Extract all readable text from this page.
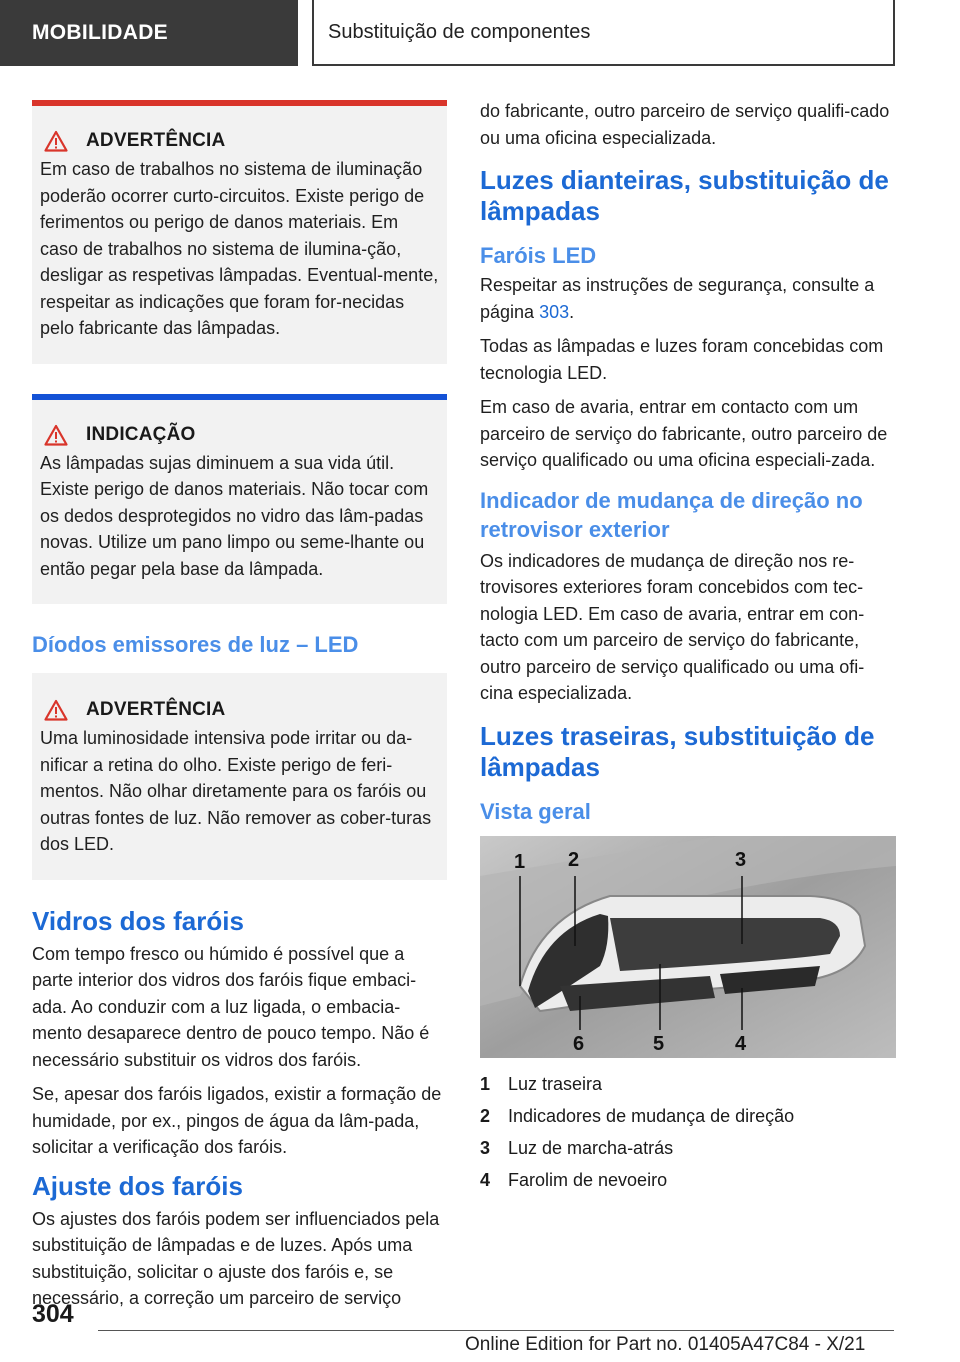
MOBILIDADE	Substituição de componentes
ADVERTÊNCIA
Em caso de trabalhos no sistema de iluminação poderão ocorrer curto-circuitos. Existe perigo de ferimentos ou perigo de danos materiais. Em caso de trabalhos no sistema de ilumina-ção, desligar as respetivas lâmpadas. Eventual-mente, respeitar as indicações que foram for-necidas pelo fabricante das lâmpadas.
INDICAÇÃO
As lâmpadas sujas diminuem a sua vida útil. Existe perigo de danos materiais. Não tocar com os dedos desprotegidos no vidro das lâm-padas novas. Utilize um pano limpo ou seme-lhante ou então pegar pela base da lâmpada.
Díodos emissores de luz – LED
ADVERTÊNCIA
Uma luminosidade intensiva pode irritar ou da-nificar a retina do olho. Existe perigo de feri-mentos. Não olhar diretamente para os faróis ou outras fontes de luz. Não remover as cober-turas dos LED.
Vidros dos faróis

Com tempo fresco ou húmido é possível que a parte interior dos vidros dos faróis fique embaci-ada. Ao conduzir com a luz ligada, o embacia-mento desaparece dentro de pouco tempo. Não é necessário substituir os vidros dos faróis.

Se, apesar dos faróis ligados, existir a formação de humidade, por ex., pingos de água da lâm-pada, solicitar a verificação dos faróis.

Ajuste dos faróis

Os ajustes dos faróis podem ser influenciados pela substituição de lâmpadas e de luzes. Após uma substituição, solicitar o ajuste dos faróis e, se necessário, a correção um parceiro de serviço

do fabricante, outro parceiro de serviço qualifi-cado ou uma oficina especializada.

Luzes dianteiras, substituição de lâmpadas
Faróis LED

Respeitar as instruções de segurança, consulte a página 303.

Todas as lâmpadas e luzes foram concebidas com tecnologia LED.

Em caso de avaria, entrar em contacto com um parceiro de serviço do fabricante, outro parceiro de serviço qualificado ou uma oficina especiali-zada.

Indicador de mudança de direção no retrovisor exterior

Os indicadores de mudança de direção nos re-trovisores exteriores foram concebidos com tec-nologia LED. Em caso de avaria, entrar em con-tacto com um parceiro de serviço do fabricante, outro parceiro de serviço qualificado ou uma ofi-cina especializada.

Luzes traseiras, substituição de lâmpadas
Vista geral
1 2	3
4
5
6
1 Luz traseira
2 Indicadores de mudança de direção
3 Luz de marcha-atrás
4 Farolim de nevoeiro
304
Online Edition for Part no. 01405A47C84 - X/21
